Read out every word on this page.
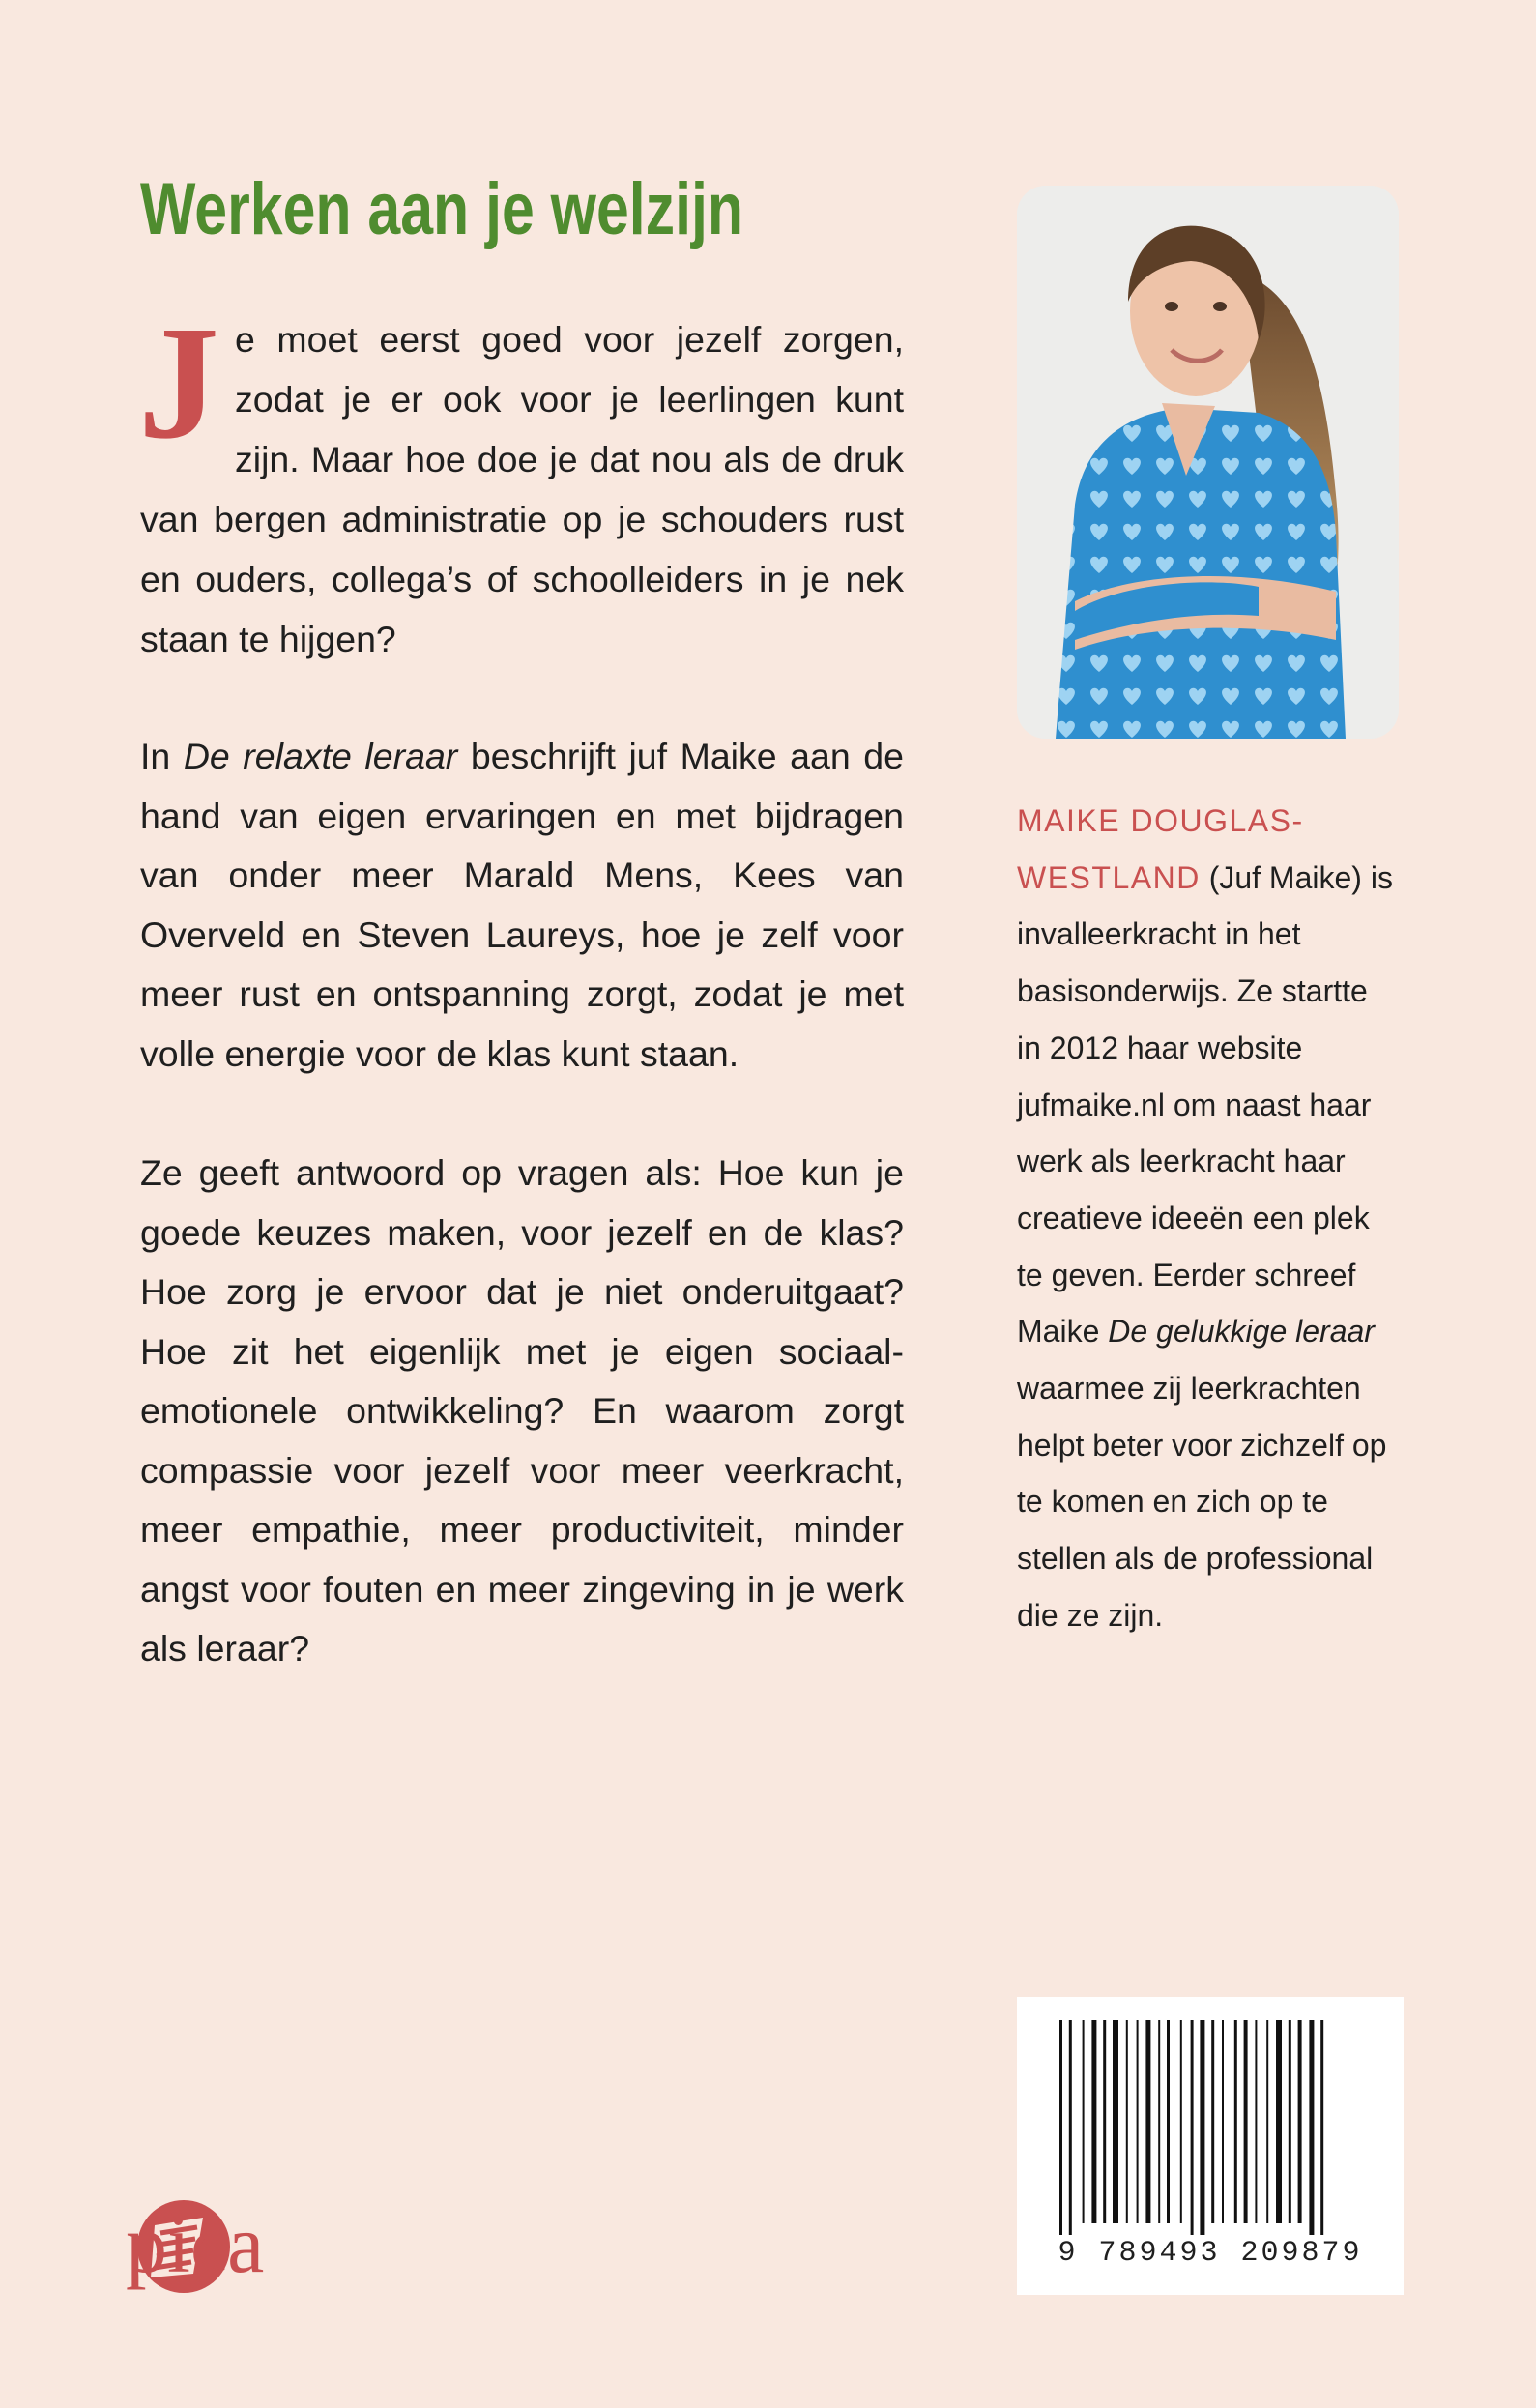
Werken aan je welzijn

Je moet eerst goed voor jezelf zorgen, zodat je er ook voor je leerlingen kunt zijn. Maar hoe doe je dat nou als de druk van bergen administratie op je schouders rust en ouders, collega’s of schoolleiders in je nek staan te hijgen?

In De relaxte leraar beschrijft juf Maike aan de hand van eigen ervaringen en met bijdragen van onder meer Marald Mens, Kees van Overveld en Steven Laureys, hoe je zelf voor meer rust en ontspanning zorgt, zodat je met volle energie voor de klas kunt staan.

Ze geeft antwoord op vragen als: Hoe kun je goede keuzes maken, voor jezelf en de klas? Hoe zorg je ervoor dat je niet onderuitgaat? Hoe zit het eigenlijk met je eigen sociaal-emotionele ontwikkeling? En waarom zorgt compassie voor jezelf voor meer veerkracht, meer empathie, meer productiviteit, minder angst voor fouten en meer zingeving in je werk als leraar?

MAIKE DOUGLAS-WESTLAND (Juf Maike) is invalleerkracht in het basisonderwijs. Ze startte in 2012 haar website jufmaike.nl om naast haar werk als leerkracht haar creatieve ideeën een plek te geven. Eerder schreef Maike De gelukkige leraar waarmee zij leerkrachten helpt beter voor zichzelf op te komen en zich op te stellen als de professional die ze zijn.

9 789493 209879
pica
